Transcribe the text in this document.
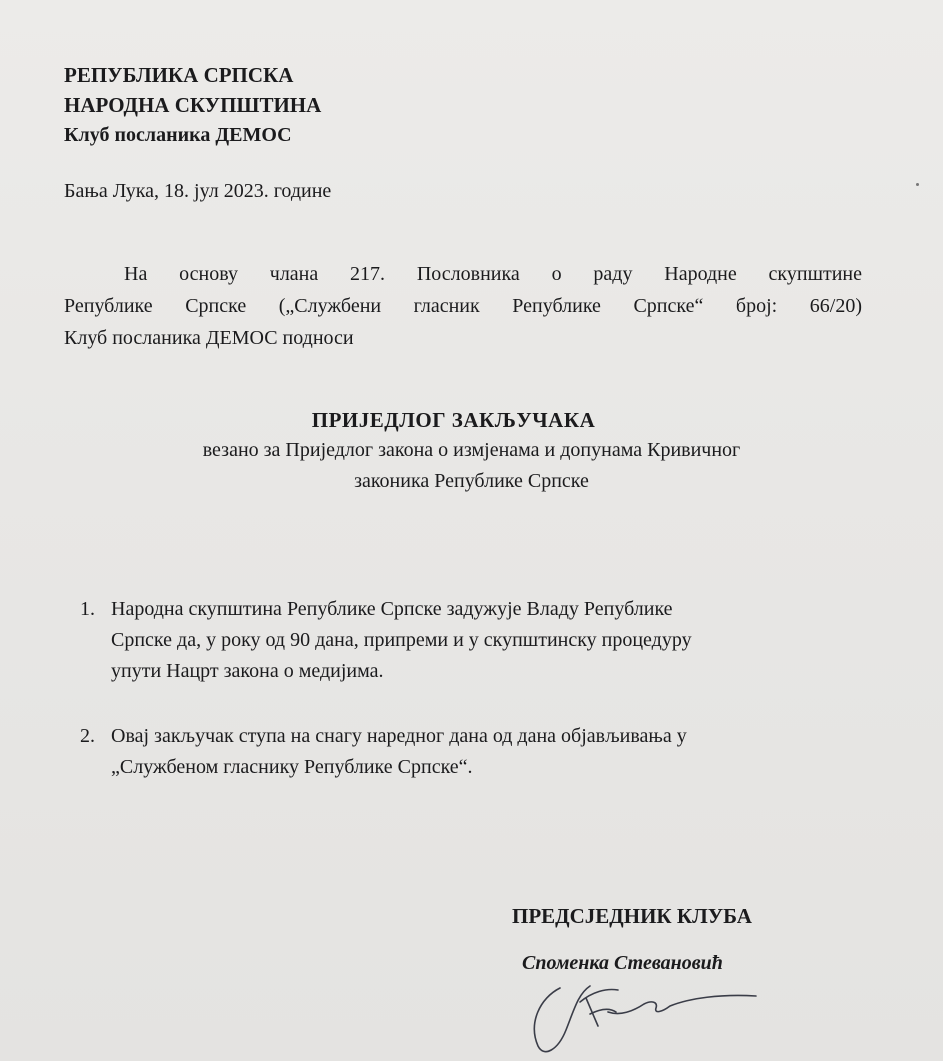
РЕПУБЛИКА СРПСКА
НАРОДНА СКУПШТИНА
Клуб посланика ДЕМОС
Бања Лука, 18. јул 2023. године
На основу члана 217. Пословника о раду Народне скупштине
Републике Српске („Службени гласник Републике Српске“ број: 66/20)
Клуб посланика ДЕМОС подноси
ПРИЈЕДЛОГ ЗАКЉУЧАКА
везано за Приједлог закона о измјенама и допунама Кривичног
законика Републике Српске
1. Народна скупштина Републике Српске задужује Владу Републике
Српске да, у року од 90 дана, припреми и у скупштинску процедуру
упути Нацрт закона о медијима.
2. Овај закључак ступа на снагу наредног дана од дана објављивања у
„Службеном гласнику Републике Српске“.
ПРЕДСЈЕДНИК КЛУБА
Споменка Стевановић
